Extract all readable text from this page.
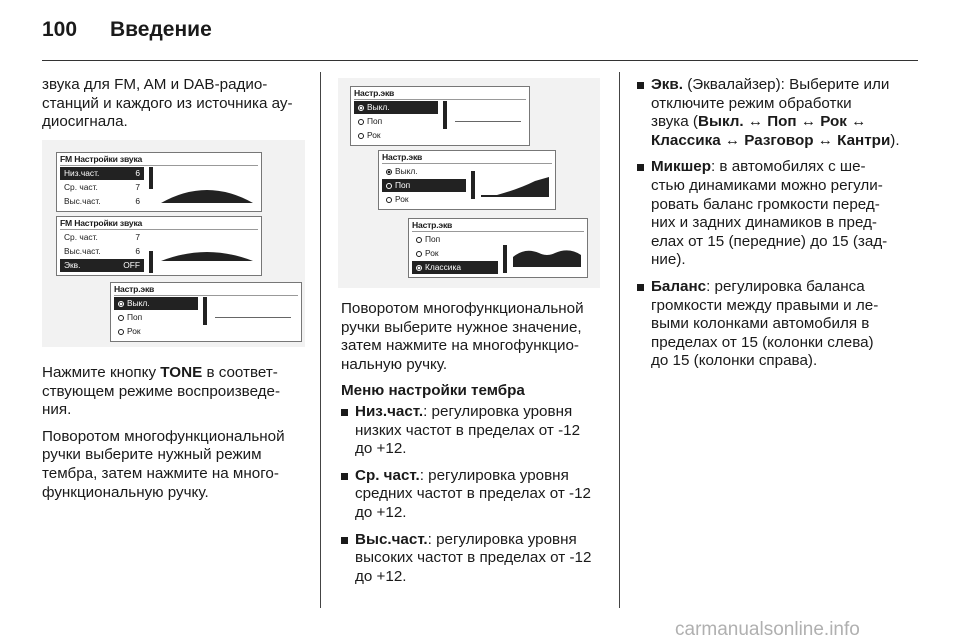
100 Введение

звука для FM, AM и DAB-радио-
станций и каждого из источника ау-
диосигнала.

FM Настройки звука
Низ.част.	6
Ср. част.	7
Выс.част.	6
FM Настройки звука
Ср. част.	7
Выс.част.	6
Экв.	OFF
Настр.экв
Выкл.
Поп
Рок

Нажмите кнопку TONE в соответ-
ствующем режиме воспроизведе-
ния.

Поворотом многофункциональной
ручки выберите нужный режим
тембра, затем нажмите на много-
функциональную ручку.

Настр.экв
Выкл.
Поп
Рок
Настр.экв
Выкл.
Поп
Рок
Настр.экв
Поп
Рок
Классика

Поворотом многофункциональной
ручки выберите нужное значение,
затем нажмите на многофункцио-
нальную ручку.

Меню настройки тембра
Низ.част.: регулировка уровня
низких частот в пределах от -12
до +12.
Ср. част.: регулировка уровня
средних частот в пределах от -12
до +12.
Выс.част.: регулировка уровня
высоких частот в пределах от -12
до +12.
Экв. (Эквалайзер): Выберите или
отключите режим обработки
звука (Выкл. ↔ Поп ↔ Рок ↔
Классика ↔ Разговор ↔ Кантри).
Микшер: в автомобилях с ше-
стью динамиками можно регули-
ровать баланс громкости перед-
них и задних динамиков в пред-
елах от 15 (передние) до 15 (зад-
ние).
Баланс: регулировка баланса
громкости между правыми и ле-
выми колонками автомобиля в
пределах от 15 (колонки слева)
до 15 (колонки справа).
carmanualsonline.info
